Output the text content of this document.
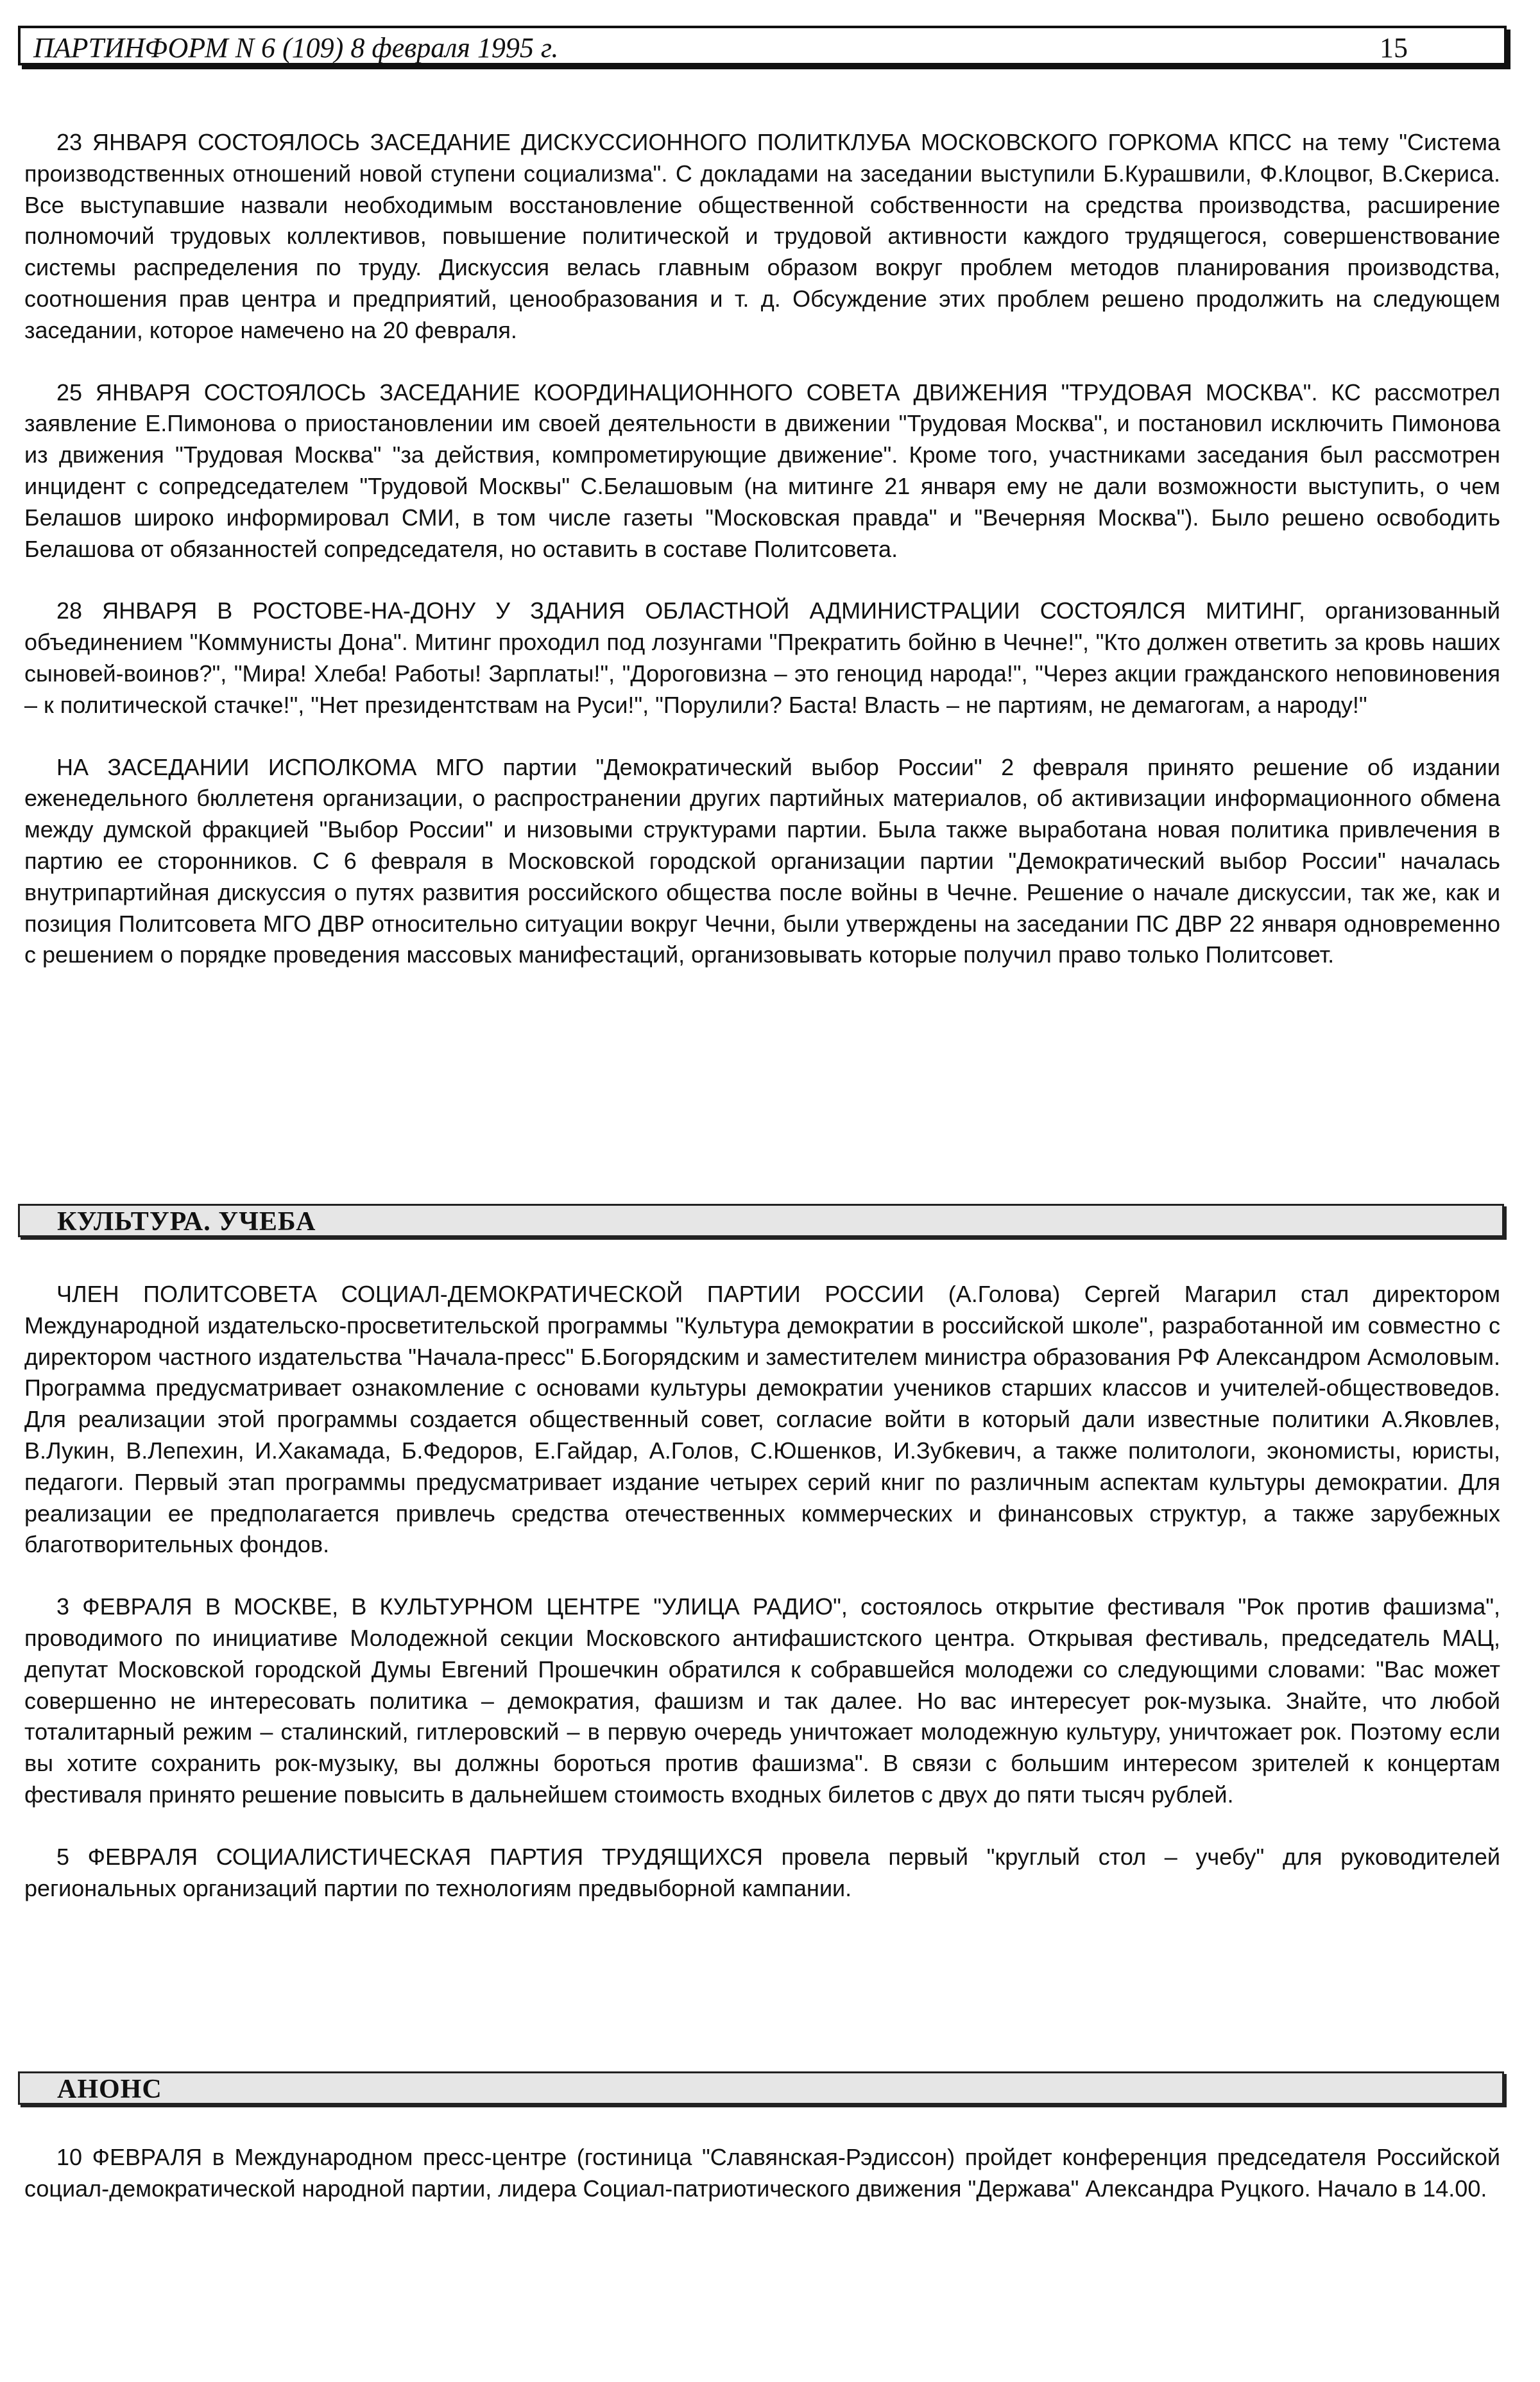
ПАРТИНФОРМ N 6 (109) 8 февраля 1995 г.	15

23 ЯНВАРЯ СОСТОЯЛОСЬ ЗАСЕДАНИЕ ДИСКУССИОННОГО ПОЛИТКЛУБА МОСКОВСКОГО ГОРКОМА КПСС на тему "Система производственных отношений новой ступени социализма". С докладами на заседании выступили Б.Курашвили, Ф.Клоцвог, В.Скериса. Все выступавшие назвали необходимым восстановление общественной собственности на средства производства, расширение полномочий трудовых коллективов, повышение политической и трудовой активности каждого трудящегося, совершенствование системы распределения по труду. Дискуссия велась главным образом вокруг проблем методов планирования производства, соотношения прав центра и предприятий, ценообразования и т. д. Обсуждение этих проблем решено продолжить на следующем заседании, которое намечено на 20 февраля.

25 ЯНВАРЯ СОСТОЯЛОСЬ ЗАСЕДАНИЕ КООРДИНАЦИОННОГО СОВЕТА ДВИЖЕНИЯ "ТРУДОВАЯ МОСКВА". КС рассмотрел заявление Е.Пимонова о приостановлении им своей деятельности в движении "Трудовая Москва", и постановил исключить Пимонова из движения "Трудовая Москва" "за действия, компрометирующие движение". Кроме того, участниками заседания был рассмотрен инцидент с сопредседателем "Трудовой Москвы" С.Белашовым (на митинге 21 января ему не дали возможности выступить, о чем Белашов широко информировал СМИ, в том числе газеты "Московская правда" и "Вечерняя Москва"). Было решено освободить Белашова от обязанностей сопредседателя, но оставить в составе Политсовета.

28 ЯНВАРЯ В РОСТОВЕ-НА-ДОНУ У ЗДАНИЯ ОБЛАСТНОЙ АДМИНИСТРАЦИИ СОСТОЯЛСЯ МИТИНГ, организованный объединением "Коммунисты Дона". Митинг проходил под лозунгами "Прекратить бойню в Чечне!", "Кто должен ответить за кровь наших сыновей-воинов?", "Мира! Хлеба! Работы! Зарплаты!", "Дороговизна – это геноцид народа!", "Через акции гражданского неповиновения – к политической стачке!", "Нет президентствам на Руси!", "Порулили? Баста! Власть – не партиям, не демагогам, а народу!"

НА ЗАСЕДАНИИ ИСПОЛКОМА МГО партии "Демократический выбор России" 2 февраля принято решение об издании еженедельного бюллетеня организации, о распространении других партийных материалов, об активизации информационного обмена между думской фракцией "Выбор России" и низовыми структурами партии. Была также выработана новая политика привлечения в партию ее сторонников. С 6 февраля в Московской городской организации партии "Демократический выбор России" началась внутрипартийная дискуссия о путях развития российского общества после войны в Чечне. Решение о начале дискуссии, так же, как и позиция Политсовета МГО ДВР относительно ситуации вокруг Чечни, были утверждены на заседании ПС ДВР 22 января одновременно с решением о порядке проведения массовых манифестаций, организовывать которые получил право только Политсовет.

КУЛЬТУРА. УЧЕБА

ЧЛЕН ПОЛИТСОВЕТА СОЦИАЛ-ДЕМОКРАТИЧЕСКОЙ ПАРТИИ РОССИИ (А.Голова) Сергей Магарил стал директором Международной издательско-просветительской программы "Культура демократии в российской школе", разработанной им совместно с директором частного издательства "Начала-пресс" Б.Богорядским и заместителем министра образования РФ Александром Асмоловым. Программа предусматривает ознакомление с основами культуры демократии учеников старших классов и учителей-обществоведов. Для реализации этой программы создается общественный совет, согласие войти в который дали известные политики А.Яковлев, В.Лукин, В.Лепехин, И.Хакамада, Б.Федоров, Е.Гайдар, А.Голов, С.Юшенков, И.Зубкевич, а также политологи, экономисты, юристы, педагоги. Первый этап программы предусматривает издание четырех серий книг по различным аспектам культуры демократии. Для реализации ее предполагается привлечь средства отечественных коммерческих и финансовых структур, а также зарубежных благотворительных фондов.

3 ФЕВРАЛЯ В МОСКВЕ, В КУЛЬТУРНОМ ЦЕНТРЕ "УЛИЦА РАДИО", состоялось открытие фестиваля "Рок против фашизма", проводимого по инициативе Молодежной секции Московского антифашистского центра. Открывая фестиваль, председатель МАЦ, депутат Московской городской Думы Евгений Прошечкин обратился к собравшейся молодежи со следующими словами: "Вас может совершенно не интересовать политика – демократия, фашизм и так далее. Но вас интересует рок-музыка. Знайте, что любой тоталитарный режим – сталинский, гитлеровский – в первую очередь уничтожает молодежную культуру, уничтожает рок. Поэтому если вы хотите сохранить рок-музыку, вы должны бороться против фашизма". В связи с большим интересом зрителей к концертам фестиваля принято решение повысить в дальнейшем стоимость входных билетов с двух до пяти тысяч рублей.

5 ФЕВРАЛЯ СОЦИАЛИСТИЧЕСКАЯ ПАРТИЯ ТРУДЯЩИХСЯ провела первый "круглый стол – учебу" для руководителей региональных организаций партии по технологиям предвыборной кампании.

АНОНС

10 ФЕВРАЛЯ в Международном пресс-центре (гостиница "Славянская-Рэдиссон) пройдет конференция председателя Российской социал-демократической народной партии, лидера Социал-патриотического движения "Держава" Александра Руцкого. Начало в 14.00.
